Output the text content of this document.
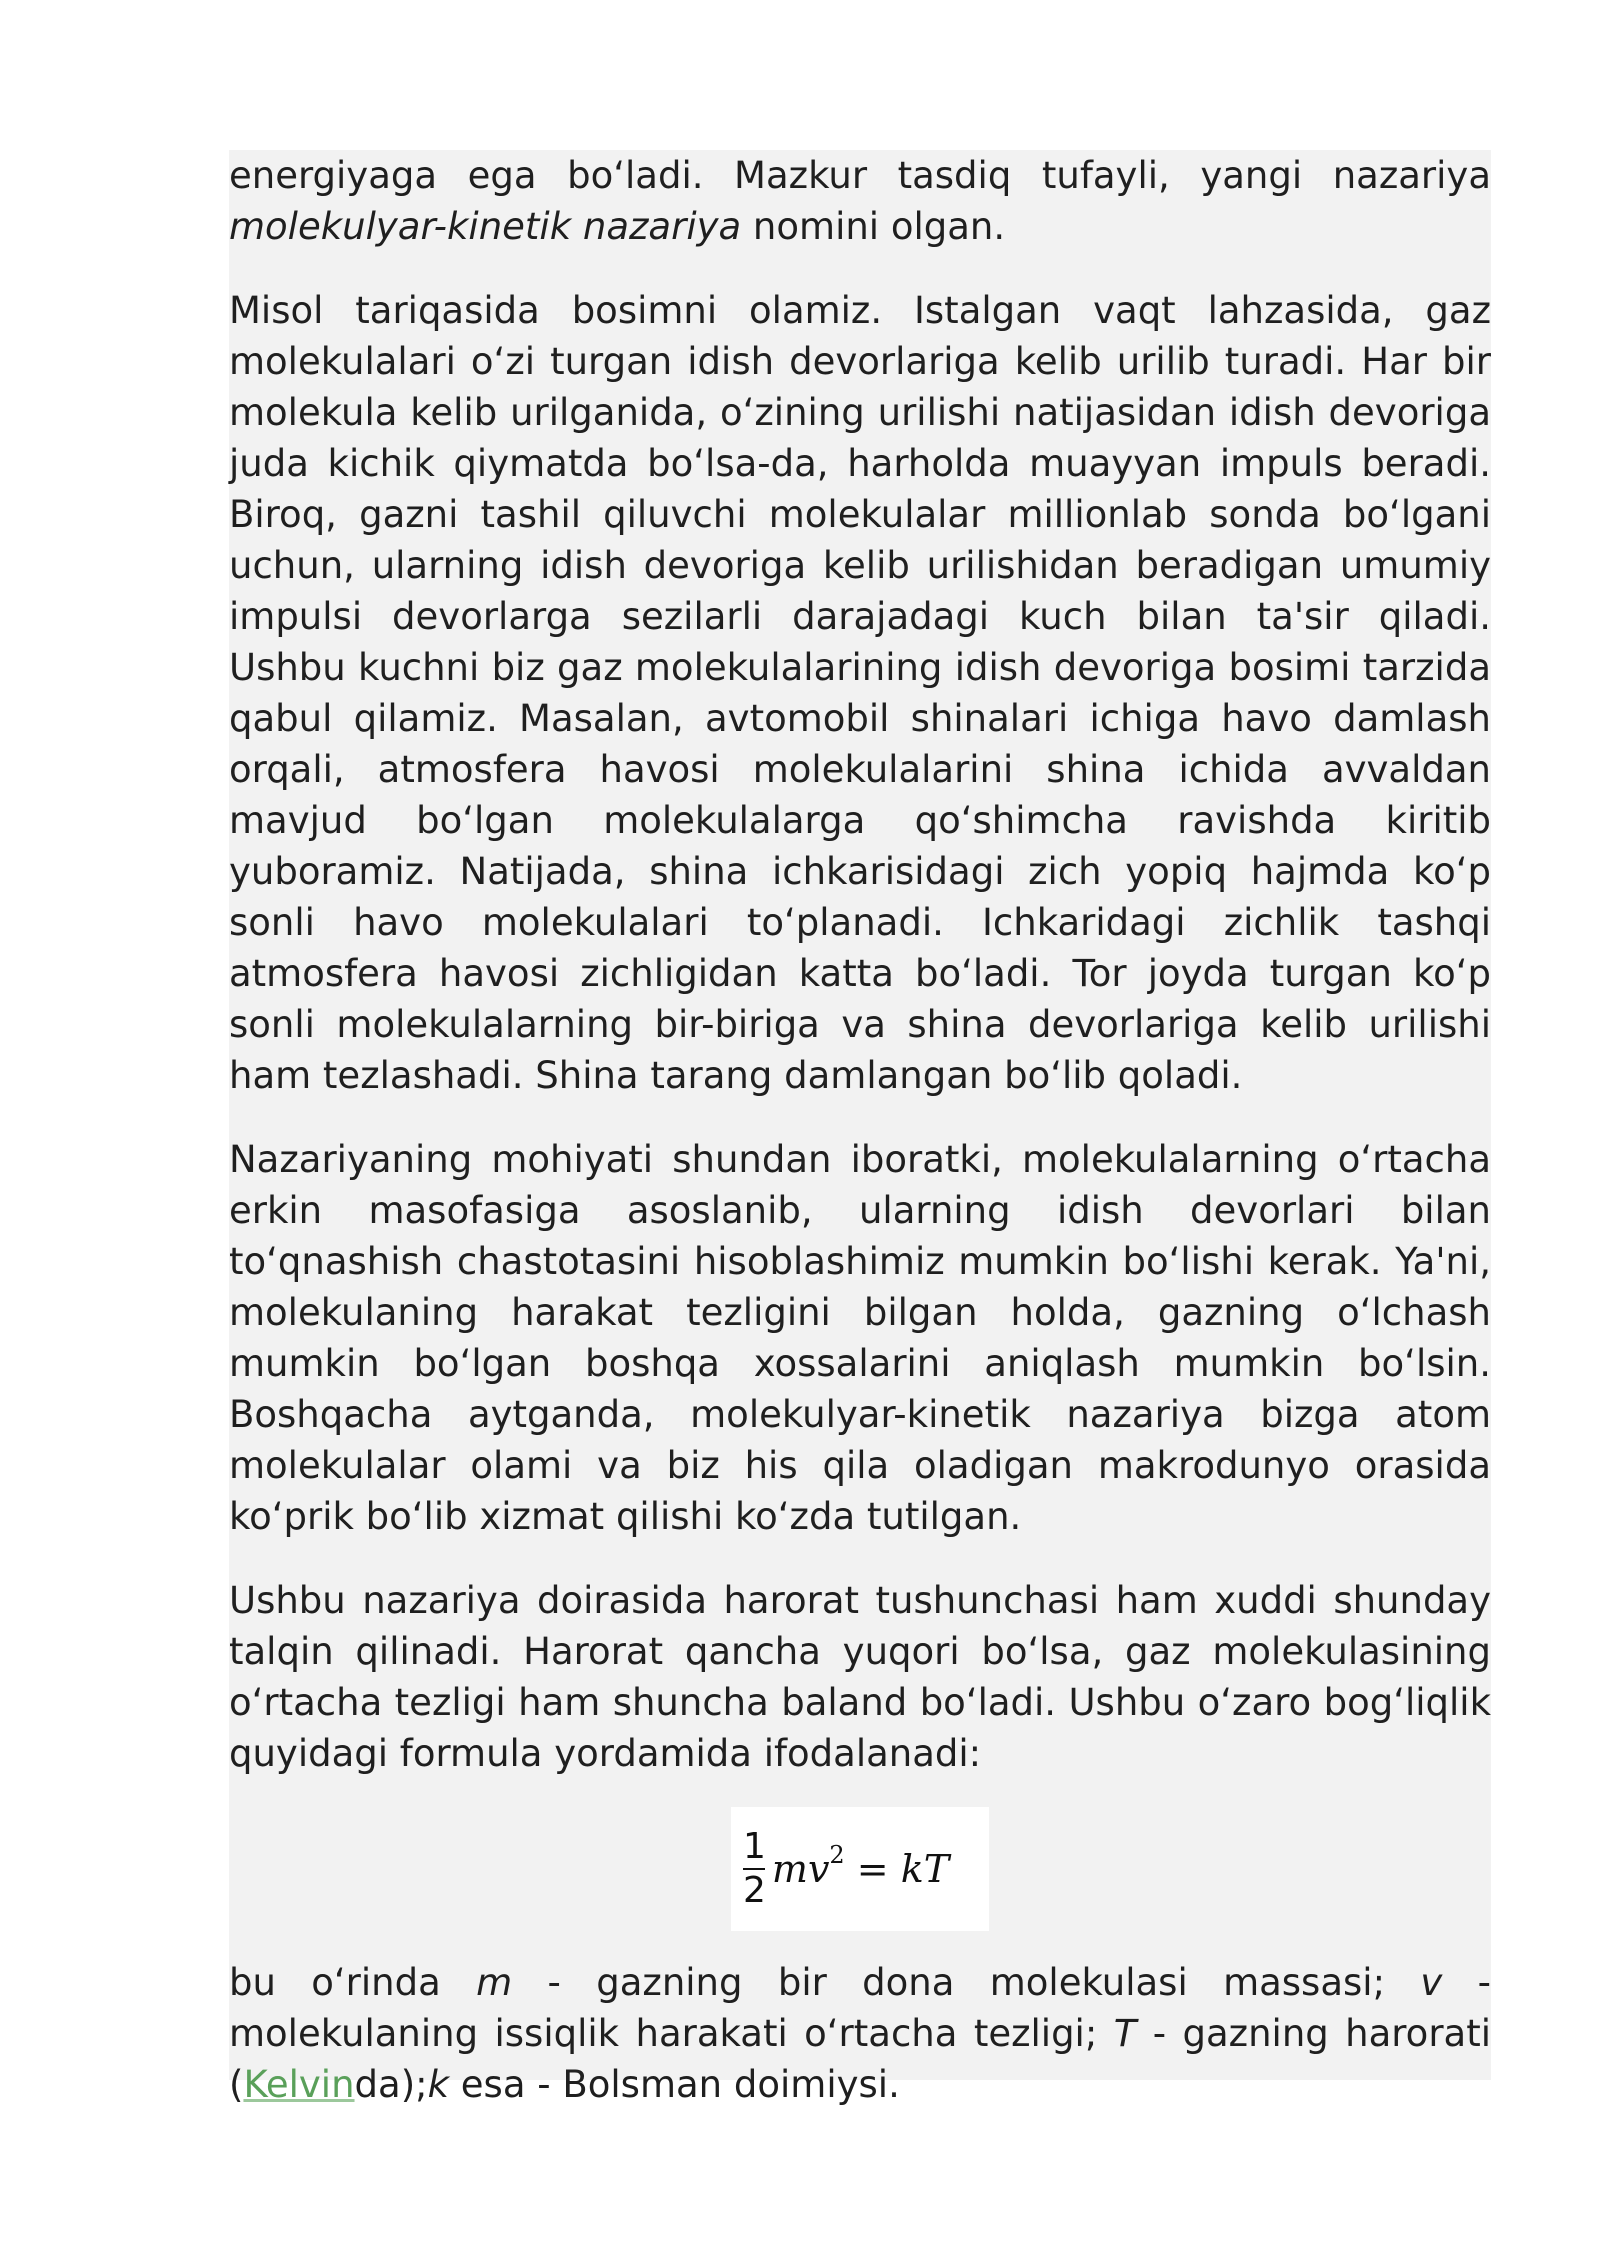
energiyaga ega bo‘ladi. Mazkur tasdiq tufayli, yangi nazariya molekulyar-kinetik nazariya nomini olgan.

Misol tariqasida bosimni olamiz. Istalgan vaqt lahzasida, gaz molekulalari o‘zi turgan idish devorlariga kelib urilib turadi. Har bir molekula kelib urilganida, o‘zining urilishi natijasidan idish devoriga juda kichik qiymatda bo‘lsa-da, harholda muayyan impuls beradi. Biroq, gazni tashil qiluvchi molekulalar millionlab sonda bo‘lgani uchun, ularning idish devoriga kelib urilishidan beradigan umumiy impulsi devorlarga sezilarli darajadagi kuch bilan ta'sir qiladi. Ushbu kuchni biz gaz molekulalarining idish devoriga bosimi tarzida qabul qilamiz. Masalan, avtomobil shinalari ichiga havo damlash orqali, atmosfera havosi molekulalarini shina ichida avvaldan mavjud bo‘lgan molekulalarga qo‘shimcha ravishda kiritib yuboramiz. Natijada, shina ichkarisidagi zich yopiq hajmda ko‘p sonli havo molekulalari to‘planadi. Ichkaridagi zichlik tashqi atmosfera havosi zichligidan katta bo‘ladi. Tor joyda turgan ko‘p sonli molekulalarning bir-biriga va shina devorlariga kelib urilishi ham tezlashadi. Shina tarang damlangan bo‘lib qoladi.

Nazariyaning mohiyati shundan iboratki, molekulalarning o‘rtacha erkin masofasiga asoslanib, ularning idish devorlari bilan to‘qnashish chastotasini hisoblashimiz mumkin bo‘lishi kerak. Ya'ni, molekulaning harakat tezligini bilgan holda, gazning o‘lchash mumkin bo‘lgan boshqa xossalarini aniqlash mumkin bo‘lsin. Boshqacha aytganda, molekulyar-kinetik nazariya bizga atom molekulalar olami va biz his qila oladigan makrodunyo orasida ko‘prik bo‘lib xizmat qilishi ko‘zda tutilgan.

Ushbu nazariya doirasida harorat tushunchasi ham xuddi shunday talqin qilinadi. Harorat qancha yuqori bo‘lsa, gaz molekulasining o‘rtacha tezligi ham shuncha baland bo‘ladi. Ushbu o‘zaro bog‘liqlik quyidagi formula yordamida ifodalanadi:

$\frac{1}{2}$ m v 2 = kT

bu o‘rinda m - gazning bir dona molekulasi massasi; v - molekulaning issiqlik harakati o‘rtacha tezligi; T - gazning harorati (Kelvinda);k esa - Bolsman doimiysi.
